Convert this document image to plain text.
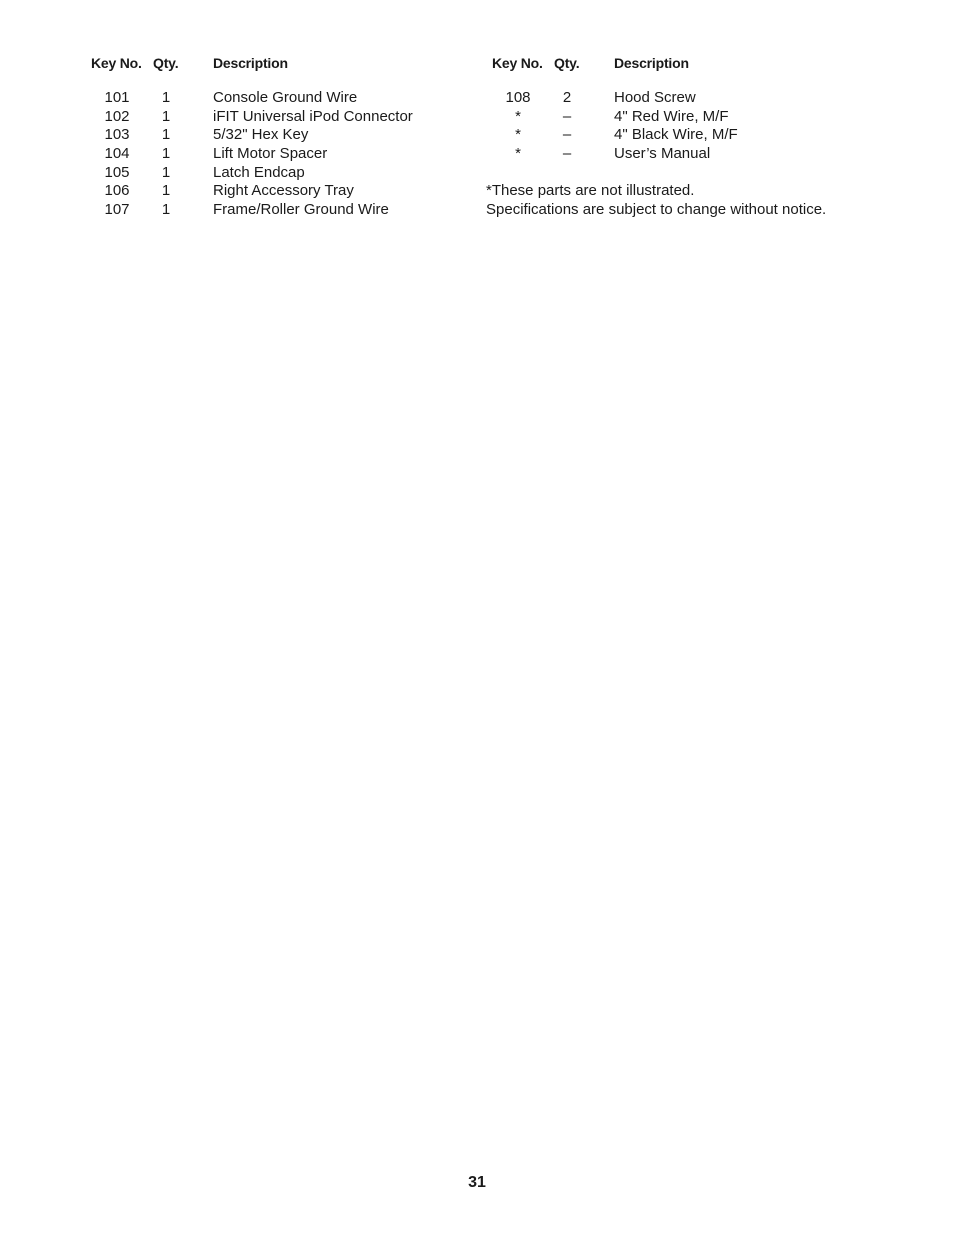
Key No. Qty. Description	Key No. Qty. Description
101	1	Console Ground Wire
102	1	iFIT Universal iPod Connector
103	1	5/32" Hex Key
104	1	Lift Motor Spacer
105	1	Latch Endcap
106	1	Right Accessory Tray
107	1	Frame/Roller Ground Wire
108	2	Hood Screw
*	–	4" Red Wire, M/F
*	–	4" Black Wire, M/F
*	–	User’s Manual
*These parts are not illustrated.
Specifications are subject to change without notice.
31
